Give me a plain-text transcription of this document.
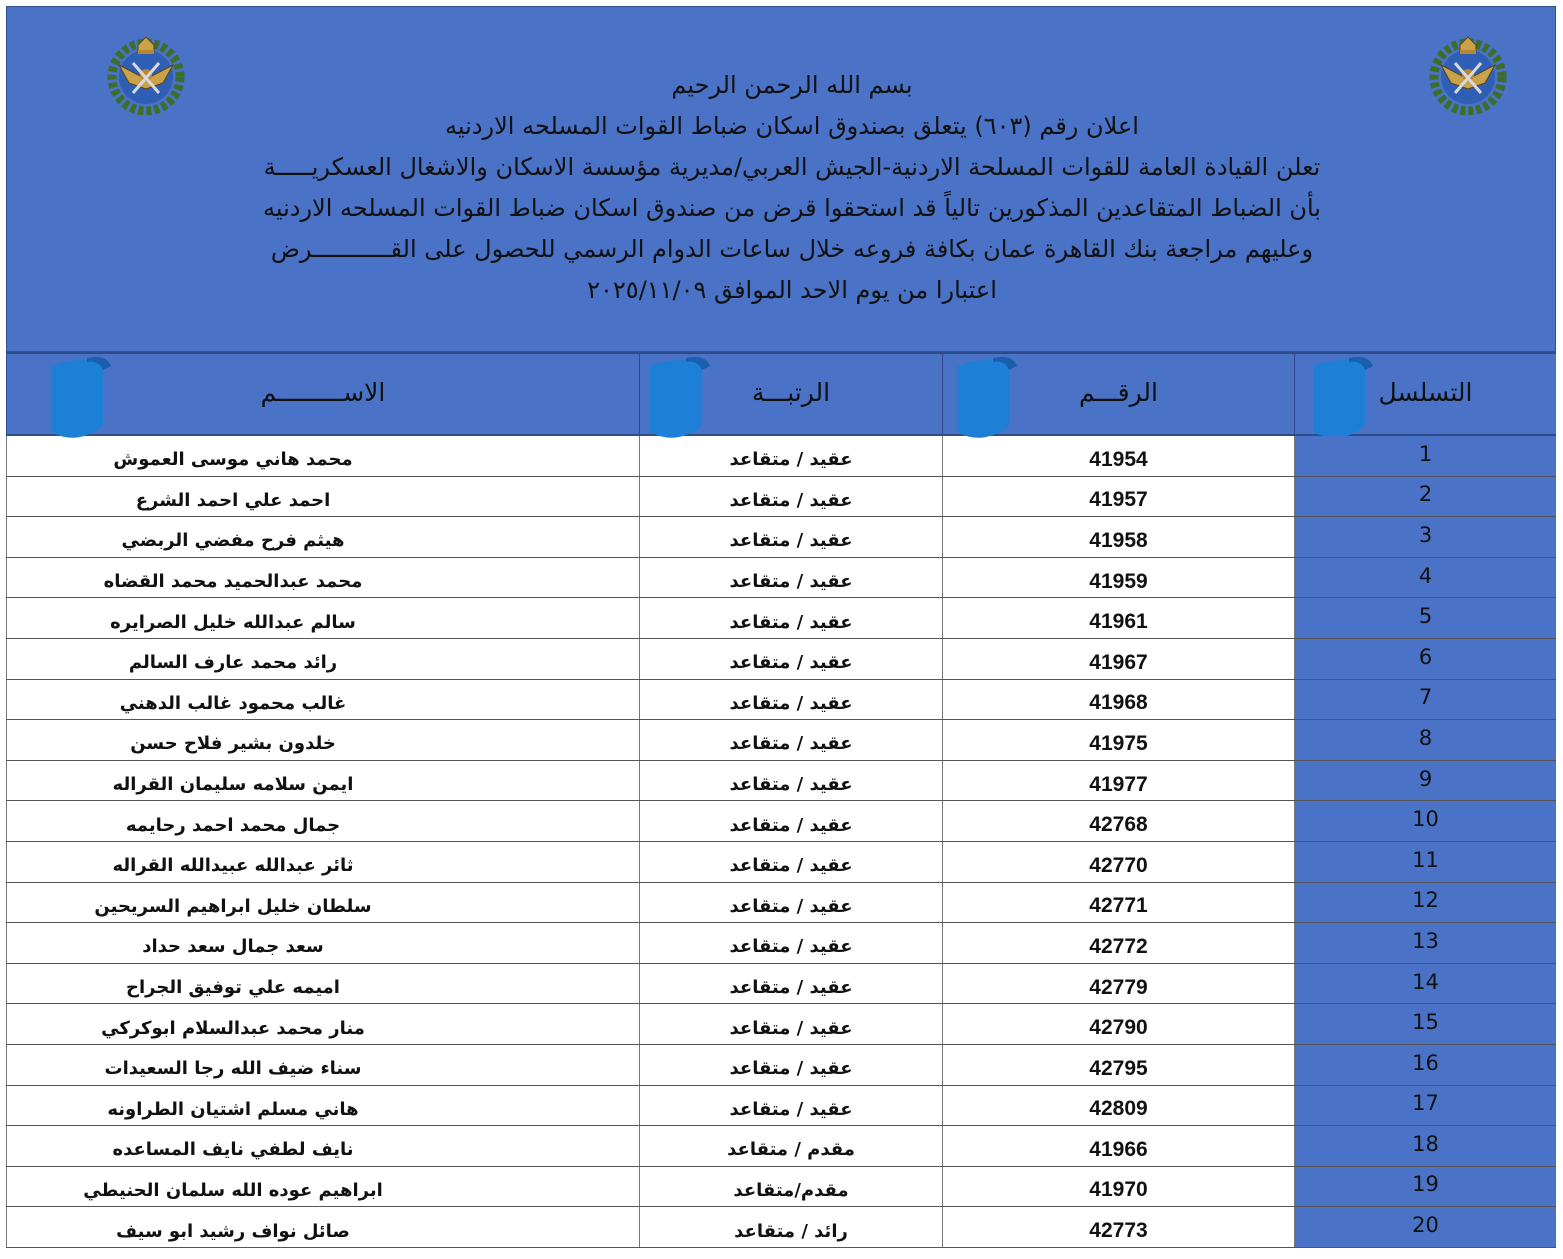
بسم الله الرحمن الرحيم
اعلان رقم (٦٠٣) يتعلق بصندوق اسكان ضباط القوات المسلحه الاردنيه
تعلن القيادة العامة للقوات المسلحة الاردنية-الجيش العربي/مديرية مؤسسة الاسكان والاشغال العسكريـــــة
بأن الضباط المتقاعدين المذكورين تالياً قد استحقوا قرض من صندوق اسكان ضباط القوات المسلحه الاردنيه
وعليهم مراجعة بنك القاهرة عمان بكافة فروعه خلال ساعات الدوام الرسمي للحصول على القـــــــــــرض
اعتبارا من يوم الاحد الموافق ٢٠٢٥/١١/٠٩
التسلسل
الرقـــم
الرتبـــة
الاســـــــــم
1
41954
عقيد / متقاعد
محمد هاني موسى العموش
2
41957
عقيد / متقاعد
احمد علي احمد الشرع
3
41958
عقيد / متقاعد
هيثم فرح مفضي الربضي
4
41959
عقيد / متقاعد
محمد عبدالحميد محمد القضاه
5
41961
عقيد / متقاعد
سالم عبدالله خليل الصرايره
6
41967
عقيد / متقاعد
رائد محمد عارف السالم
7
41968
عقيد / متقاعد
غالب محمود غالب الدهني
8
41975
عقيد / متقاعد
خلدون بشير فلاح حسن
9
41977
عقيد / متقاعد
ايمن سلامه سليمان القراله
10
42768
عقيد / متقاعد
جمال محمد احمد رحايمه
11
42770
عقيد / متقاعد
ثائر عبدالله عبيدالله القراله
12
42771
عقيد / متقاعد
سلطان خليل ابراهيم السريحين
13
42772
عقيد / متقاعد
سعد جمال سعد حداد
14
42779
عقيد / متقاعد
اميمه علي توفيق الجراح
15
42790
عقيد / متقاعد
منار محمد عبدالسلام ابوكركي
16
42795
عقيد / متقاعد
سناء ضيف الله رجا السعيدات
17
42809
عقيد / متقاعد
هاني مسلم اشتيان الطراونه
18
41966
مقدم / متقاعد
نايف لطفي نايف المساعده
19
41970
مقدم/متقاعد
ابراهيم عوده الله سلمان الحنيطي
20
42773
رائد / متقاعد
صائل نواف رشيد ابو سيف
